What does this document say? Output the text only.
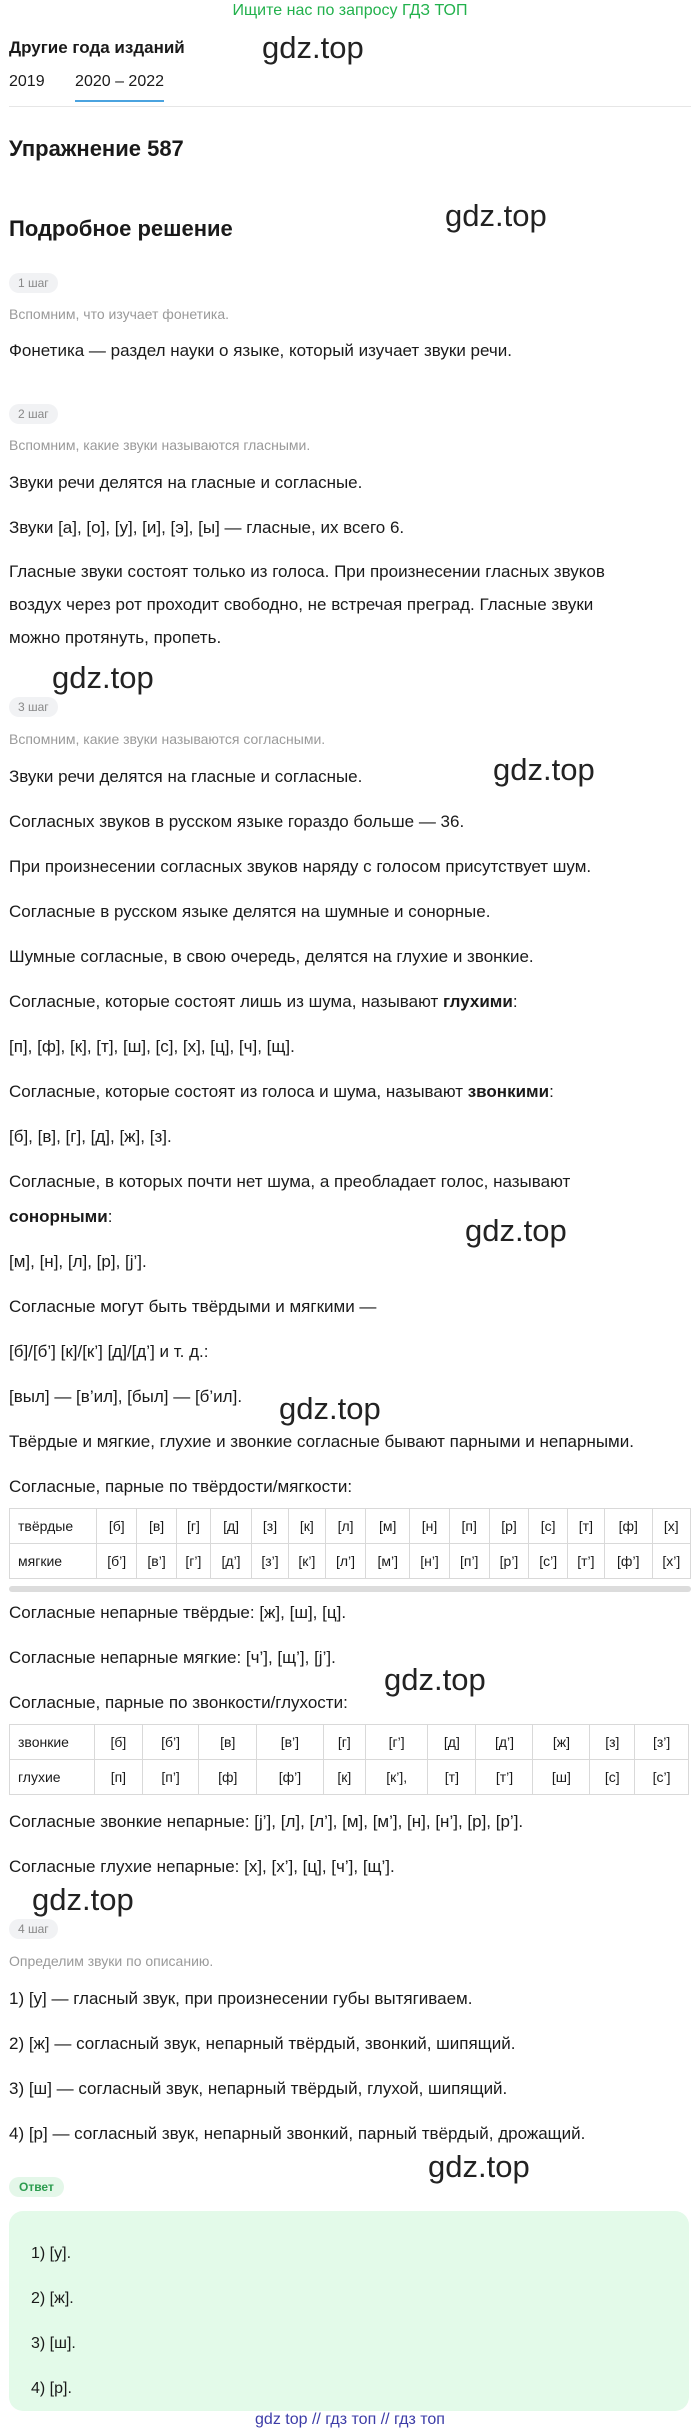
Ищите нас по запросу ГДЗ ТОП
Другие года изданий
2019 2020 – 2022
gdz.top
gdz.top
gdz.top
gdz.top
gdz.top
gdz.top
gdz.top
gdz.top
gdz.top
Упражнение 587
Подробное решение
1 шаг
Вспомним, что изучает фонетика.
Фонетика — раздел науки о языке, который изучает звуки речи.
2 шаг
Вспомним, какие звуки называются гласными.
Звуки речи делятся на гласные и согласные.
Звуки [а], [о], [у], [и], [э], [ы] — гласные, их всего 6.
Гласные звуки состоят только из голоса. При произнесении гласных звуков воздух через рот проходит свободно, не встречая преград. Гласные звуки можно протянуть, пропеть.
3 шаг
Вспомним, какие звуки называются согласными.
Звуки речи делятся на гласные и согласные.
Согласных звуков в русском языке гораздо больше — 36.
При произнесении согласных звуков наряду с голосом присутствует шум.
Согласные в русском языке делятся на шумные и сонорные.
Шумные согласные, в свою очередь, делятся на глухие и звонкие.
Согласные, которые состоят лишь из шума, называют глухими:
[п], [ф], [к], [т], [ш], [с], [х], [ц], [ч], [щ].
Согласные, которые состоят из голоса и шума, называют звонкими:
[б], [в], [г], [д], [ж], [з].
Согласные, в которых почти нет шума, а преобладает голос, называют
сонорными:
[м], [н], [л], [р], [j’].
Согласные могут быть твёрдыми и мягкими —
[б]/[б’] [к]/[к’] [д]/[д’] и т. д.:
[выл] — [в’ил], [был] — [б’ил].
Твёрдые и мягкие, глухие и звонкие согласные бывают парными и непарными.
Согласные, парные по твёрдости/мягкости:
твёрдые	[б]	[в]	[г]	[д]	[з]	[к]	[л]	[м]	[н]	[п]	[р]	[с]	[т]	[ф]	[х]
мягкие	[б’]	[в’]	[г’]	[д’]	[з’]	[к’]	[л’]	[м’]	[н’]	[п’]	[р’]	[с’]	[т’]	[ф’]	[х’]
Согласные непарные твёрдые: [ж], [ш], [ц].
Согласные непарные мягкие: [ч’], [щ’], [j’].
Согласные, парные по звонкости/глухости:
звонкие	[б]	[б’]	[в]	[в’]	[г]	[г’]	[д]	[д’]	[ж]	[з]	[з’]
глухие	[п]	[п’]	[ф]	[ф’]	[к]	[к’],	[т]	[т’]	[ш]	[с]	[с’]
Согласные звонкие непарные: [j’], [л], [л’], [м], [м’], [н], [н’], [р], [р’].
Согласные глухие непарные: [х], [х’], [ц], [ч’], [щ’].
4 шаг
Определим звуки по описанию.
1) [у] — гласный звук, при произнесении губы вытягиваем.
2) [ж] — согласный звук, непарный твёрдый, звонкий, шипящий.
3) [ш] — согласный звук, непарный твёрдый, глухой, шипящий.
4) [р] — согласный звук, непарный звонкий, парный твёрдый, дрожащий.
Ответ
1) [у].
2) [ж].
3) [ш].
4) [р].
gdz top // гдз топ // гдз топ
